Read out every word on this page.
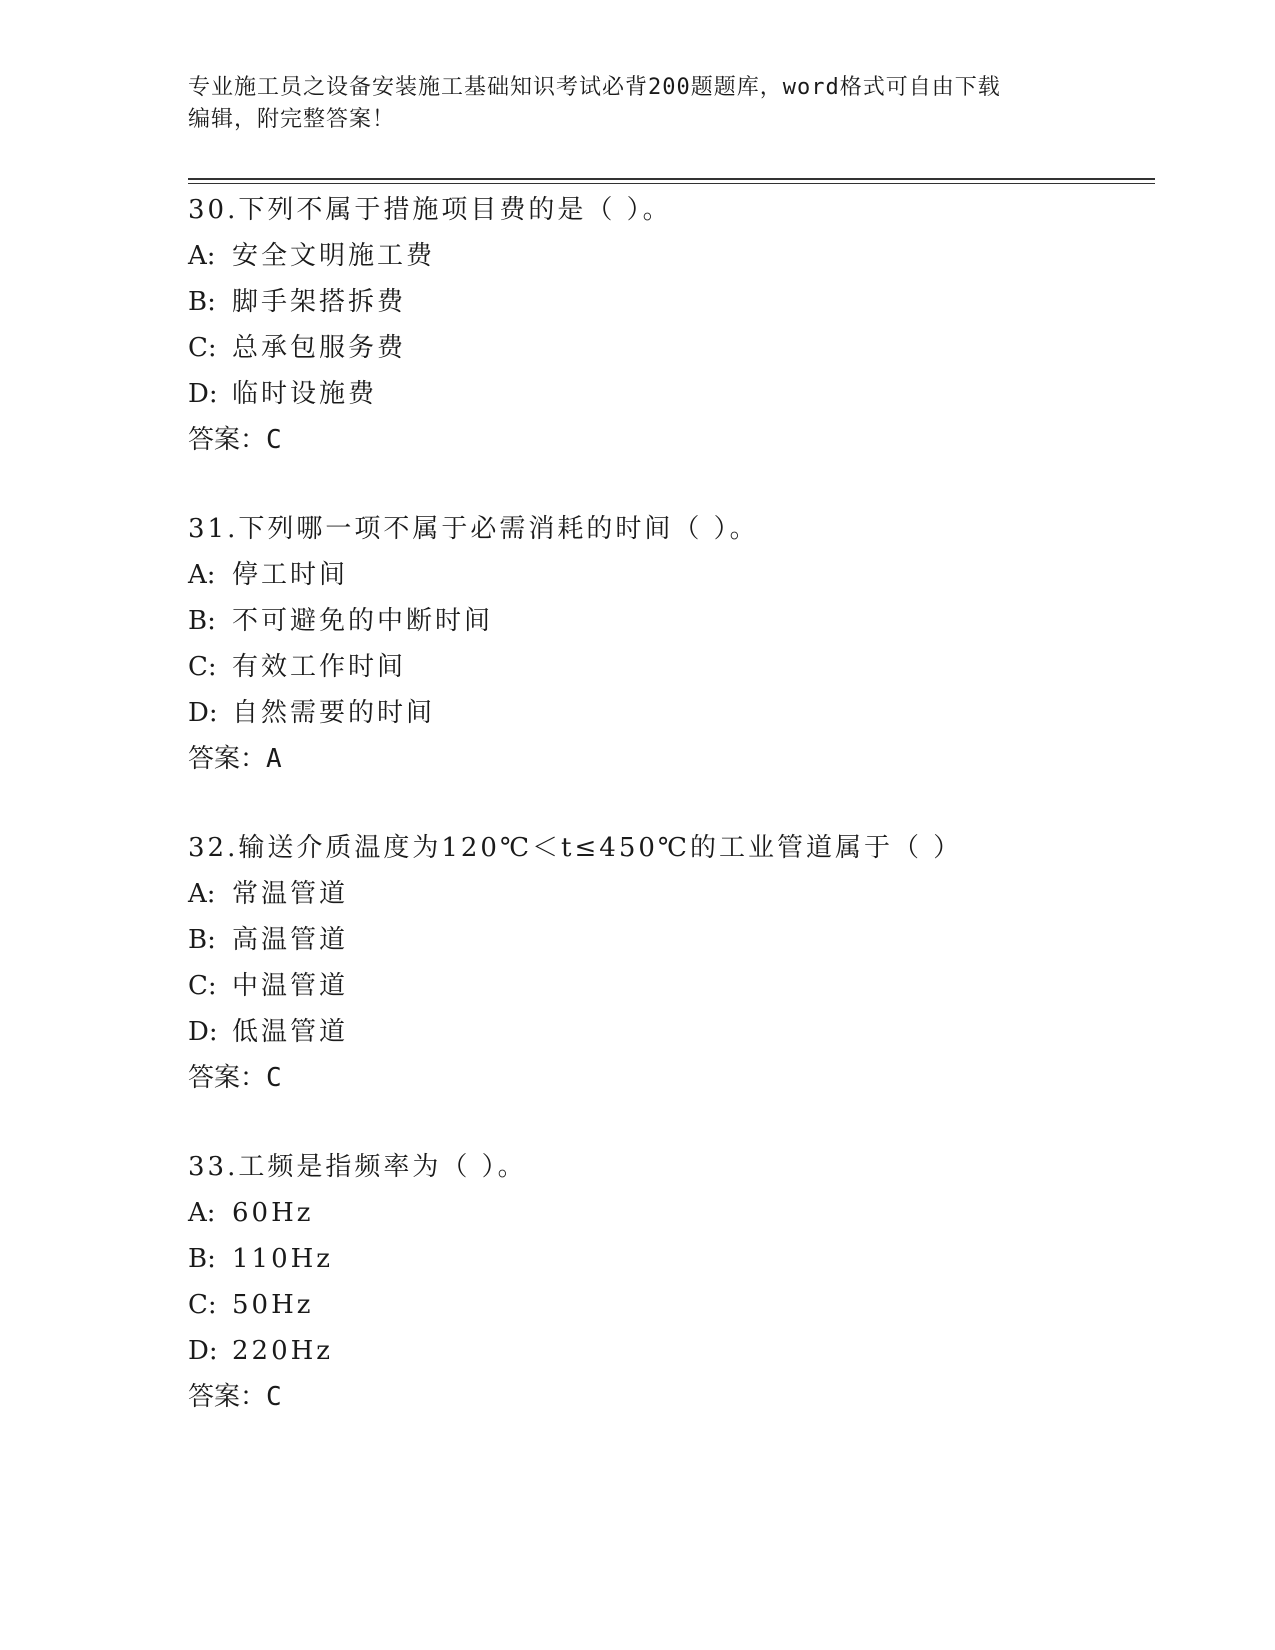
专业施工员之设备安装施工基础知识考试必背200题题库，word格式可自由下载
编辑，附完整答案！
30.下列不属于措施项目费的是（ ）。
A: 安全文明施工费
B: 脚手架搭拆费
C: 总承包服务费
D: 临时设施费
答案：C
31.下列哪一项不属于必需消耗的时间（ ）。
A: 停工时间
B: 不可避免的中断时间
C: 有效工作时间
D: 自然需要的时间
答案：A
32.输送介质温度为120℃＜t≤450℃的工业管道属于（ ）
A: 常温管道
B: 高温管道
C: 中温管道
D: 低温管道
答案：C
33.工频是指频率为（ ）。
A: 60Hz
B: 110Hz
C: 50Hz
D: 220Hz
答案：C
